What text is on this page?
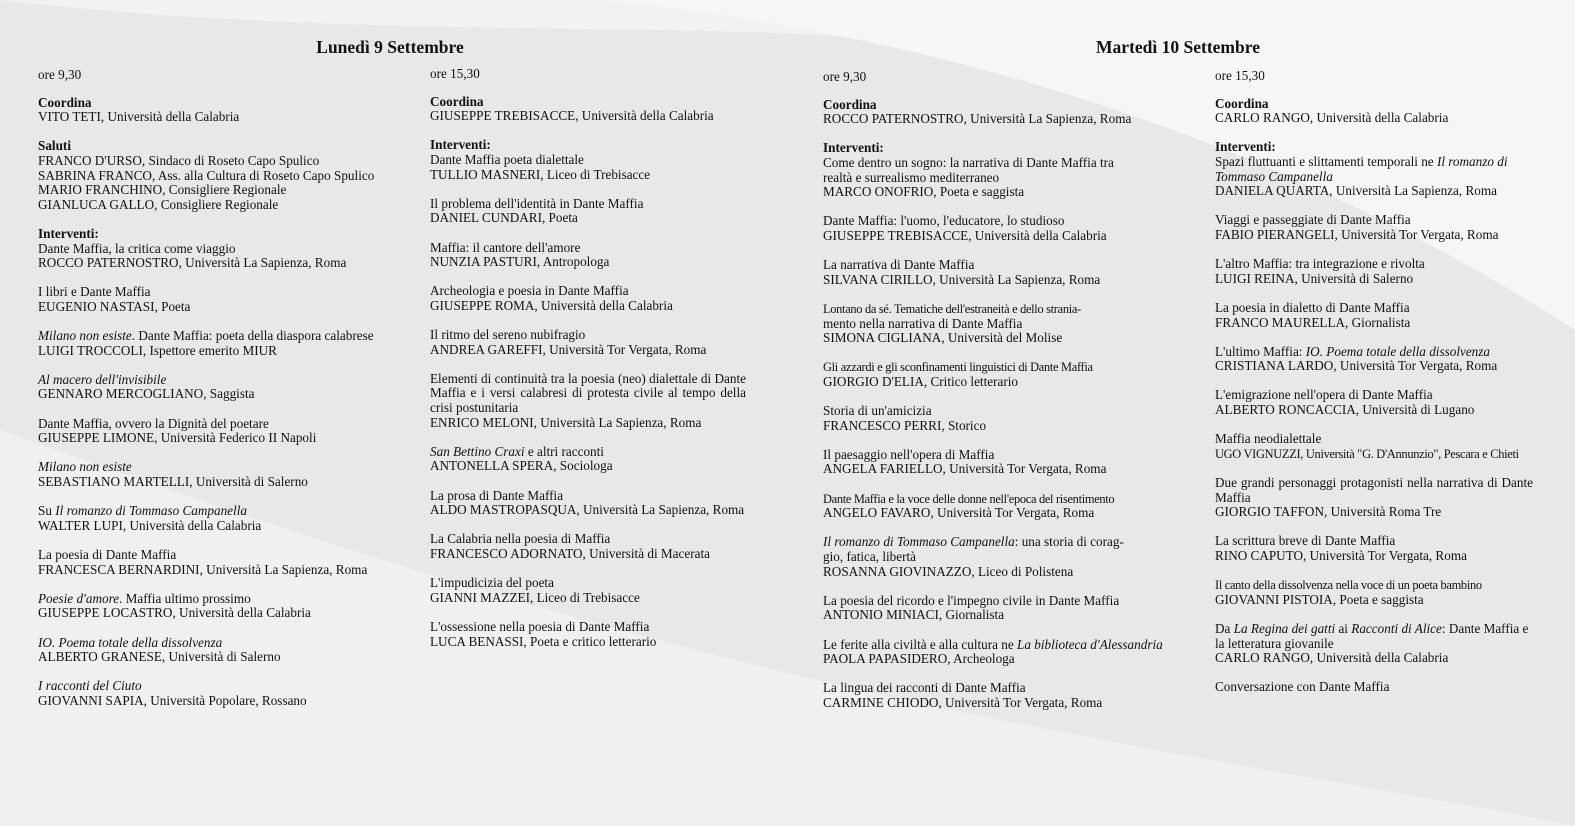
Lunedì 9 Settembre	Martedì 10 Settembre
ore 9,30
Coordina
VITO TETI, Università della Calabria
Saluti
FRANCO D'URSO, Sindaco di Roseto Capo Spulico
SABRINA FRANCO, Ass. alla Cultura di Roseto Capo Spulico
MARIO FRANCHINO, Consigliere Regionale
GIANLUCA GALLO, Consigliere Regionale
Interventi:
Dante Maffia, la critica come viaggio
ROCCO PATERNOSTRO, Università La Sapienza, Roma
I libri e Dante Maffia
EUGENIO NASTASI, Poeta
Milano non esiste. Dante Maffia: poeta della diaspora calabrese
LUIGI TROCCOLI, Ispettore emerito MIUR
Al macero dell'invisibile
GENNARO MERCOGLIANO, Saggista
Dante Maffia, ovvero la Dignità del poetare
GIUSEPPE LIMONE, Università Federico II Napoli
Milano non esiste
SEBASTIANO MARTELLI, Università di Salerno
Su Il romanzo di Tommaso Campanella
WALTER LUPI, Università della Calabria
La poesia di Dante Maffia
FRANCESCA BERNARDINI, Università La Sapienza, Roma
Poesie d'amore. Maffia ultimo prossimo
GIUSEPPE LOCASTRO, Università della Calabria
IO. Poema totale della dissolvenza
ALBERTO GRANESE, Università di Salerno
I racconti del Ciuto
GIOVANNI SAPIA, Università Popolare, Rossano
ore 15,30
Coordina
GIUSEPPE TREBISACCE, Università della Calabria
Interventi:
Dante Maffia poeta dialettale
TULLIO MASNERI, Liceo di Trebisacce
Il problema dell'identità in Dante Maffia
DANIEL CUNDARI, Poeta
Maffia: il cantore dell'amore
NUNZIA PASTURI, Antropologa
Archeologia e poesia in Dante Maffia
GIUSEPPE ROMA, Università della Calabria
Il ritmo del sereno nubifragio
ANDREA GAREFFI, Università Tor Vergata, Roma
Elementi di continuità tra la poesia (neo) dialettale di Dante Maffia e i versi calabresi di protesta civile al tempo della crisi postunitaria
ENRICO MELONI, Università La Sapienza, Roma
San Bettino Craxi e altri racconti
ANTONELLA SPERA, Sociologa
La prosa di Dante Maffia
ALDO MASTROPASQUA, Università La Sapienza, Roma
La Calabria nella poesia di Maffia
FRANCESCO ADORNATO, Università di Macerata
L'impudicizia del poeta
GIANNI MAZZEI, Liceo di Trebisacce
L'ossessione nella poesia di Dante Maffia
LUCA BENASSI, Poeta e critico letterario
ore 9,30
Coordina
ROCCO PATERNOSTRO, Università La Sapienza, Roma
Interventi:
Come dentro un sogno: la narrativa di Dante Maffia tra
realtà e surrealismo mediterraneo
MARCO ONOFRIO, Poeta e saggista
Dante Maffia: l'uomo, l'educatore, lo studioso
GIUSEPPE TREBISACCE, Università della Calabria
La narrativa di Dante Maffia
SILVANA CIRILLO, Università La Sapienza, Roma
Lontano da sé. Tematiche dell'estraneità e dello strania-
mento nella narrativa di Dante Maffia
SIMONA CIGLIANA, Università del Molise
Gli azzardi e gli sconfinamenti linguistici di Dante Maffia
GIORGIO D'ELIA, Critico letterario
Storia di un'amicizia
FRANCESCO PERRI, Storico
Il paesaggio nell'opera di Maffia
ANGELA FARIELLO, Università Tor Vergata, Roma
Dante Maffia e la voce delle donne nell'epoca del risentimento
ANGELO FAVARO, Università Tor Vergata, Roma
Il romanzo di Tommaso Campanella: una storia di corag-
gio, fatica, libertà
ROSANNA GIOVINAZZO, Liceo di Polistena
La poesia del ricordo e l'impegno civile in Dante Maffia
ANTONIO MINIACI, Giornalista
Le ferite alla civiltà e alla cultura ne La biblioteca d'Alessandria
PAOLA PAPASIDERO, Archeologa
La lingua dei racconti di Dante Maffia
CARMINE CHIODO, Università Tor Vergata, Roma
ore 15,30
Coordina
CARLO RANGO, Università della Calabria
Interventi:
Spazi fluttuanti e slittamenti temporali ne Il romanzo di
Tommaso Campanella
DANIELA QUARTA, Università La Sapienza, Roma
Viaggi e passeggiate di Dante Maffia
FABIO PIERANGELI, Università Tor Vergata, Roma
L'altro Maffia: tra integrazione e rivolta
LUIGI REINA, Università di Salerno
La poesia in dialetto di Dante Maffia
FRANCO MAURELLA, Giornalista
L'ultimo Maffia: IO. Poema totale della dissolvenza
CRISTIANA LARDO, Università Tor Vergata, Roma
L'emigrazione nell'opera di Dante Maffia
ALBERTO RONCACCIA, Università di Lugano
Maffia neodialettale
UGO VIGNUZZI, Università "G. D'Annunzio", Pescara e Chieti
Due grandi personaggi protagonisti nella narrativa di Dante Maffia
GIORGIO TAFFON, Università Roma Tre
La scrittura breve di Dante Maffia
RINO CAPUTO, Università Tor Vergata, Roma
Il canto della dissolvenza nella voce di un poeta bambino
GIOVANNI PISTOIA, Poeta e saggista
Da La Regina dei gatti ai Racconti di Alice: Dante Maffia e
la letteratura giovanile
CARLO RANGO, Università della Calabria
Conversazione con Dante Maffia
